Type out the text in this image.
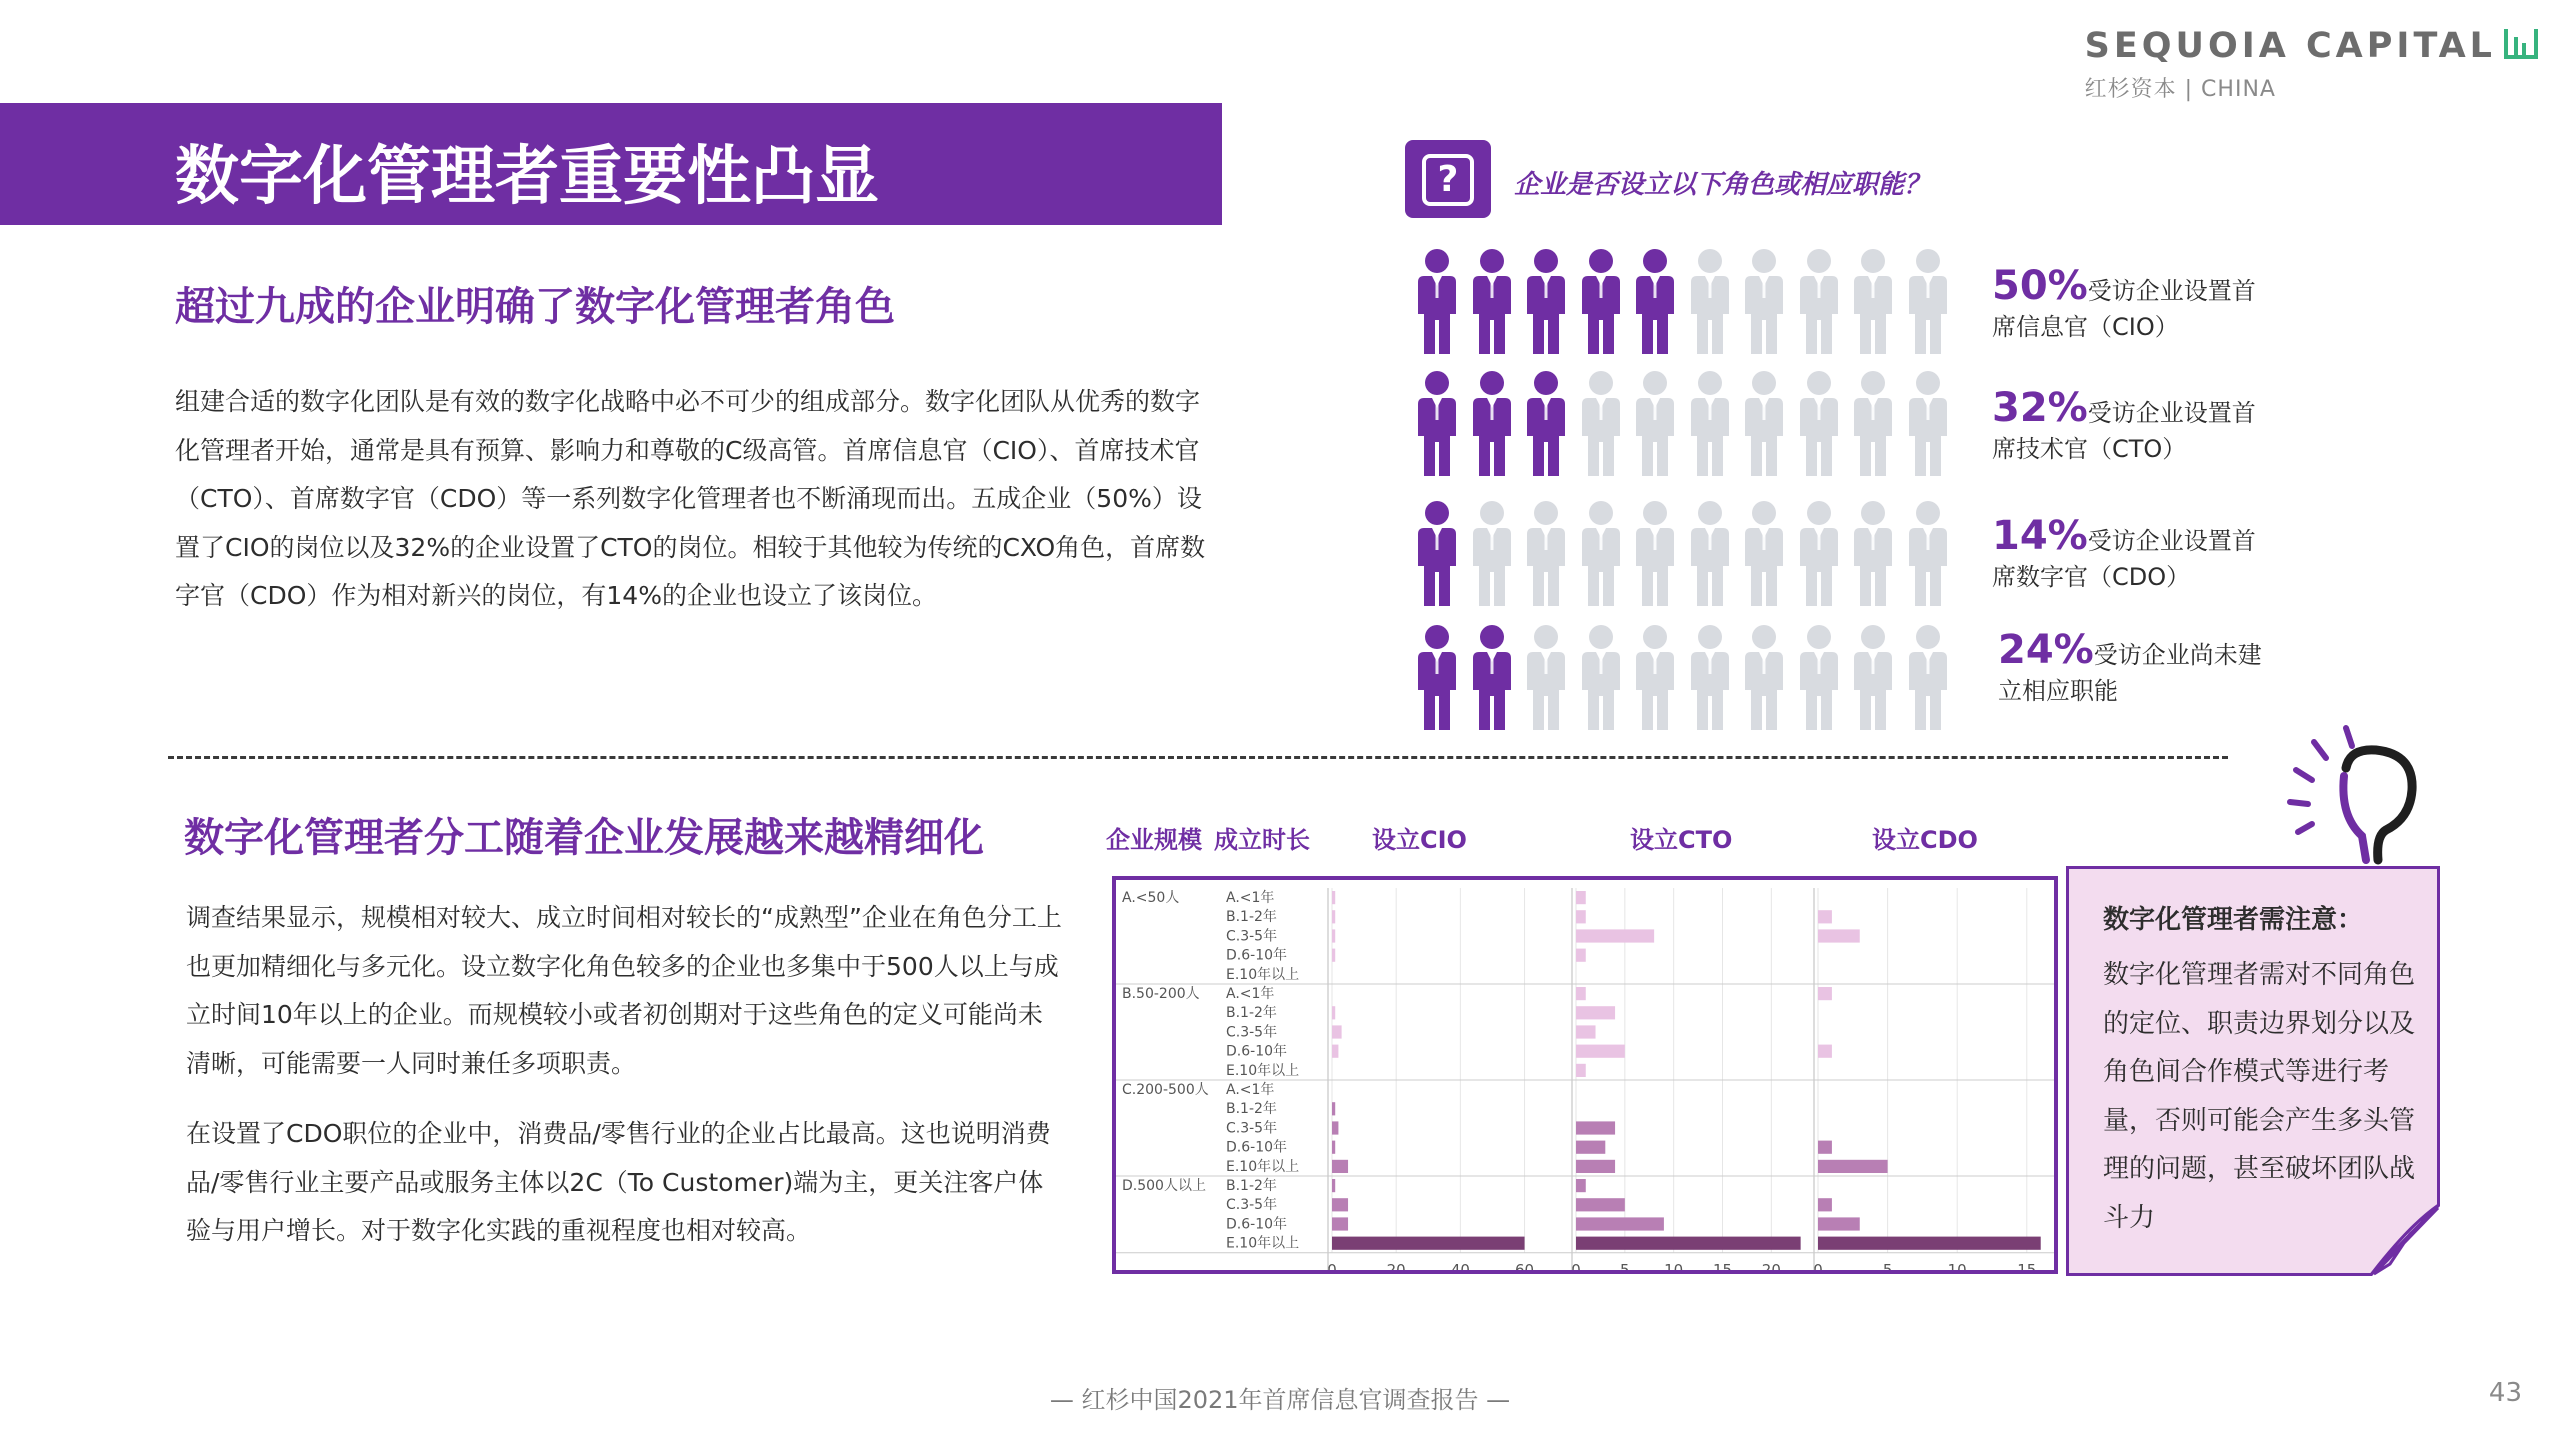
SEQUOIA CAPITAL
红杉资本 | CHINA
数字化管理者重要性凸显
超过九成的企业明确了数字化管理者角色
组建合适的数字化团队是有效的数字化战略中必不可少的组成部分。数字化团队从优秀的数字化管理者开始，通常是具有预算、影响力和尊敬的C级高管。首席信息官（CIO）、首席技术官（CTO）、首席数字官（CDO）等一系列数字化管理者也不断涌现而出。五成企业（50%）设置了CIO的岗位以及32%的企业设置了CTO的岗位。相较于其他较为传统的CXO角色，首席数字官（CDO）作为相对新兴的岗位，有14%的企业也设立了该岗位。
?	企业是否设立以下角色或相应职能？
50%受访企业设置首
席信息官（CIO）
32%受访企业设置首
席技术官（CTO）
14%受访企业设置首
席数字官（CDO）
24%受访企业尚未建
立相应职能
数字化管理者分工随着企业发展越来越精细化
调查结果显示，规模相对较大、成立时间相对较长的“成熟型”企业在角色分工上也更加精细化与多元化。设立数字化角色较多的企业也多集中于500人以上与成立时间10年以上的企业。而规模较小或者初创期对于这些角色的定义可能尚未清晰，可能需要一人同时兼任多项职责。
在设置了CDO职位的企业中，消费品/零售行业的企业占比最高。这也说明消费品/零售行业主要产品或服务主体以2C（To Customer)端为主，更关注客户体验与用户增长。对于数字化实践的重视程度也相对较高。
企业规模 成立时长	设立CIO	设立CTO	设立CDO
0	20	40	60 0	5 10 15 20 0	5	10	15
A.<50人	A.<1年
B.1-2年
C.3-5年
D.6-10年
E.10年以上
B.50-200人 A.<1年
B.1-2年
C.3-5年
D.6-10年
E.10年以上
C.200-500人 A.<1年
B.1-2年
C.3-5年
D.6-10年
E.10年以上
D.500人以上 B.1-2年
C.3-5年
D.6-10年
E.10年以上
数字化管理者需注意：
数字化管理者需对不同角色的定位、职责边界划分以及角色间合作模式等进行考量，否则可能会产生多头管理的问题，甚至破坏团队战斗力
— 红杉中国2021年首席信息官调查报告 —	43
